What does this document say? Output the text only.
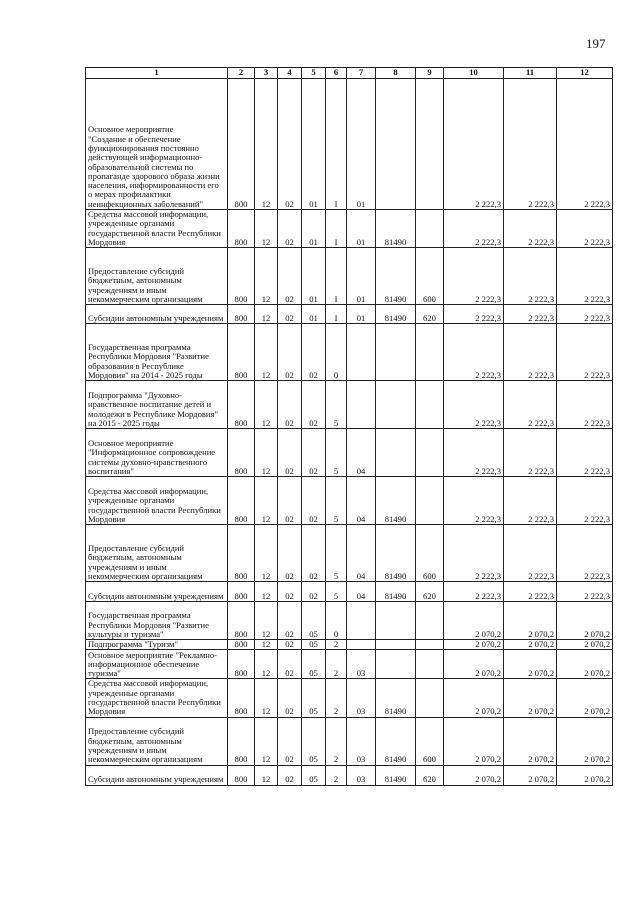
197
1	2	3	4	5	6	7	8	9	10	11	12
Основное мероприятие
"Создание и обеспечение функционирования постоянно действующей информационно-образовательной системы по пропаганде здорового образа жизни населения, информированности его о мерах профилактики неинфекционных заболеваний"	800	12	02	01	I	01			2 222,3	2 222,3	2 222,3
Средства массовой информации, учрежденные органами государственной власти Республики Мордовия	800	12	02	01	I	01	81490		2 222,3	2 222,3	2 222,3
Предоставление субсидий бюджетным, автономным учреждениям и иным некоммерческим организациям	800	12	02	01	I	01	81490	600	2 222,3	2 222,3	2 222,3
Субсидии автономным учреждениям	800	12	02	01	I	01	81490	620	2 222,3	2 222,3	2 222,3
Государственная программа Республики Мордовия "Развитие образования в Республике Мордовия" на 2014 - 2025 годы	800	12	02	02	0				2 222,3	2 222,3	2 222,3
Подпрограмма "Духовно-нравственное воспитание детей и молодежи в Республике Мордовия" на 2015 - 2025 годы	800	12	02	02	5				2 222,3	2 222,3	2 222,3
Основное мероприятие "Информационное сопровождение системы духовно-нравственного воспитания"	800	12	02	02	5	04			2 222,3	2 222,3	2 222,3
Средства массовой информации, учрежденные органами государственной власти Республики Мордовия	800	12	02	02	5	04	81490		2 222,3	2 222,3	2 222,3
Предоставление субсидий бюджетным, автономным учреждениям и иным некоммерческим организациям	800	12	02	02	5	04	81490	600	2 222,3	2 222,3	2 222,3
Субсидии автономным учреждениям	800	12	02	02	5	04	81490	620	2 222,3	2 222,3	2 222,3
Государственная программа Республики Мордовия "Развитие культуры и туризма"	800	12	02	05	0				2 070,2	2 070,2	2 070,2
Подпрограмма "Туризм"	800	12	02	05	2				2 070,2	2 070,2	2 070,2
Основное мероприятие "Рекламно-информационное обеспечение туризма"	800	12	02	05	2	03			2 070,2	2 070,2	2 070,2
Средства массовой информации, учрежденные органами государственной власти Республики Мордовия	800	12	02	05	2	03	81490		2 070,2	2 070,2	2 070,2
Предоставление субсидий бюджетным, автономным учреждениям и иным некоммерческим организациям	800	12	02	05	2	03	81490	600	2 070,2	2 070,2	2 070,2
Субсидии автономным учреждениям	800	12	02	05	2	03	81490	620	2 070,2	2 070,2	2 070,2
